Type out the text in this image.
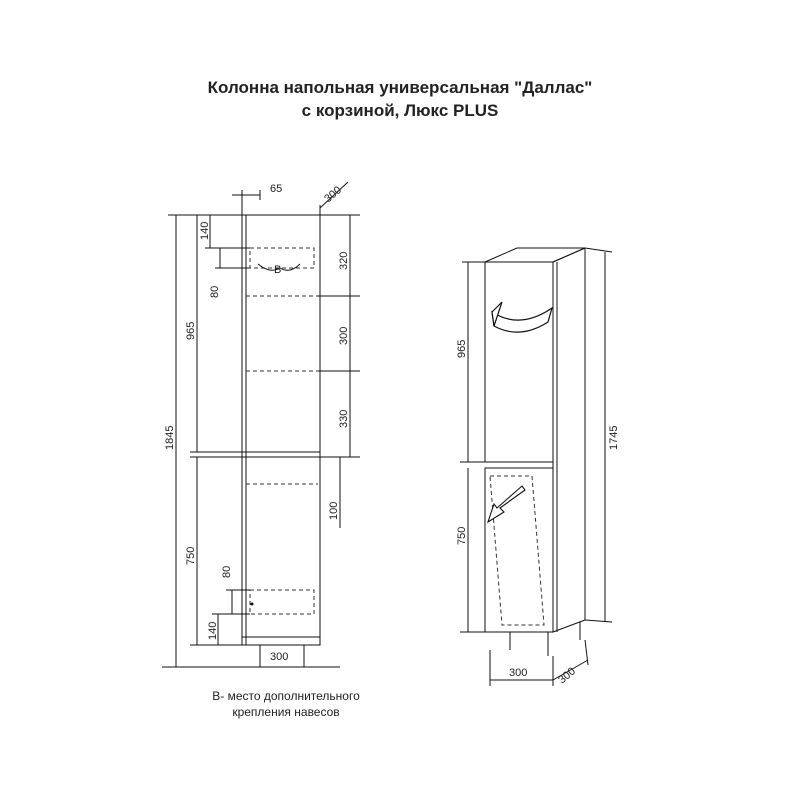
Колонна напольная универсальная "Даллас"
с корзиной, Люкс PLUS
B
65	300
140
80
965
1845
320
300
330
100
750
80
140
300
965
750
1745
300	300
В- место дополнительного
крепления навесов
